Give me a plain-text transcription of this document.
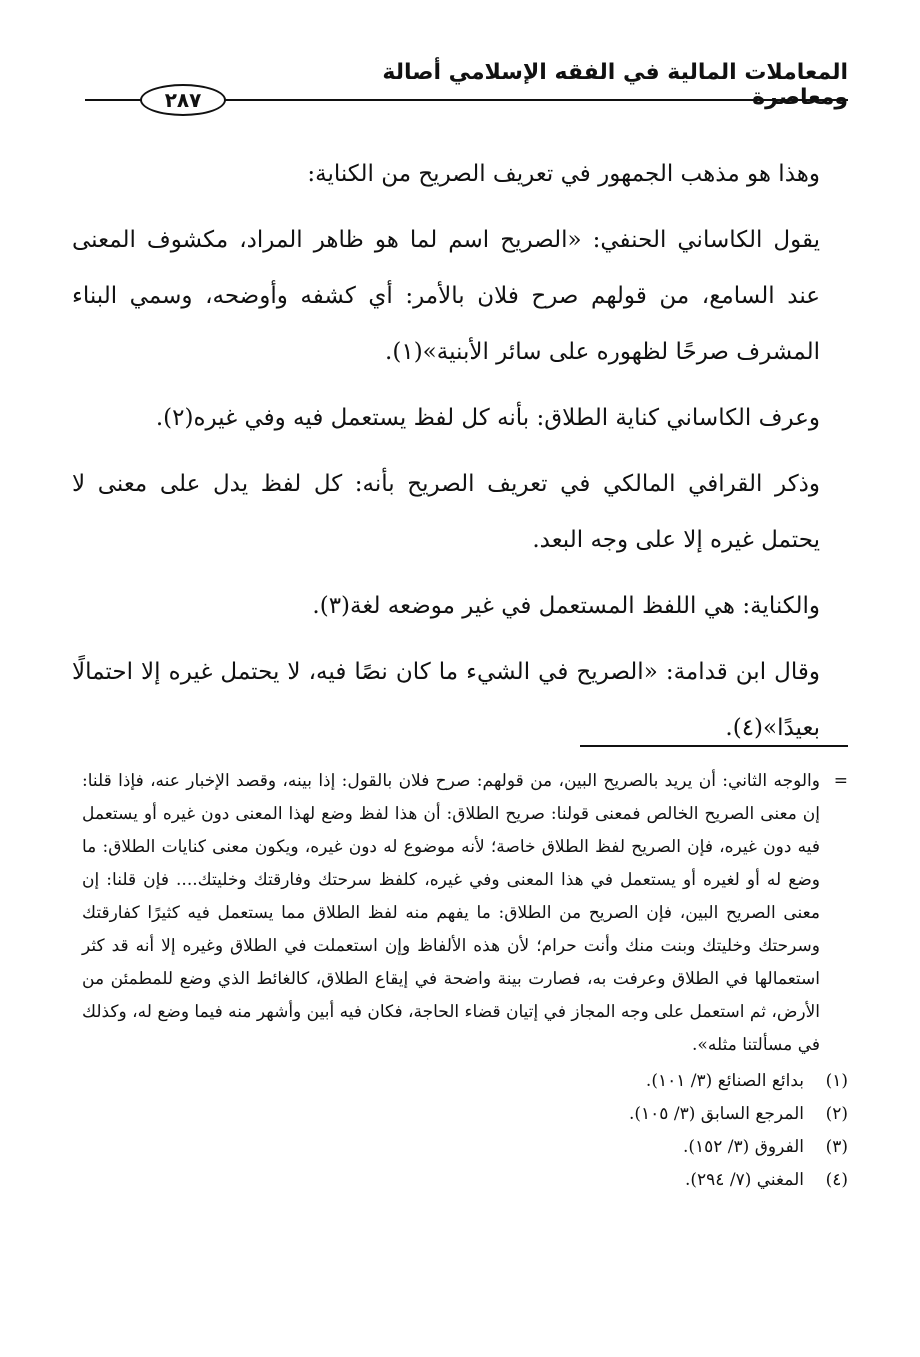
المعاملات المالية في الفقه الإسلامي أصالة ومعاصرة
٢٨٧

وهذا هو مذهب الجمهور في تعريف الصريح من الكناية:

يقول الكاساني الحنفي: «الصريح اسم لما هو ظاهر المراد، مكشوف المعنى عند السامع، من قولهم صرح فلان بالأمر: أي كشفه وأوضحه، وسمي البناء المشرف صرحًا لظهوره على سائر الأبنية»(١).

وعرف الكاساني كناية الطلاق: بأنه كل لفظ يستعمل فيه وفي غيره(٢).

وذكر القرافي المالكي في تعريف الصريح بأنه: كل لفظ يدل على معنى لا يحتمل غيره إلا على وجه البعد.

والكناية: هي اللفظ المستعمل في غير موضعه لغة(٣).

وقال ابن قدامة: «الصريح في الشيء ما كان نصًا فيه، لا يحتمل غيره إلا احتمالًا بعيدًا»(٤).

=
والوجه الثاني: أن يريد بالصريح البين، من قولهم: صرح فلان بالقول: إذا بينه، وقصد الإخبار عنه، فإذا قلنا: إن معنى الصريح الخالص فمعنى قولنا: صريح الطلاق: أن هذا لفظ وضع لهذا المعنى دون غيره أو يستعمل فيه دون غيره، فإن الصريح لفظ الطلاق خاصة؛ لأنه موضوع له دون غيره، ويكون معنى كنايات الطلاق: ما وضع له أو لغيره أو يستعمل في هذا المعنى وفي غيره، كلفظ سرحتك وفارقتك وخليتك.... فإن قلنا: إن معنى الصريح البين، فإن الصريح من الطلاق: ما يفهم منه لفظ الطلاق مما يستعمل فيه كثيرًا كفارقتك وسرحتك وخليتك وبنت منك وأنت حرام؛ لأن هذه الألفاظ وإن استعملت في الطلاق وغيره إلا أنه قد كثر استعمالها في الطلاق وعرفت به، فصارت بينة واضحة في إيقاع الطلاق، كالغائط الذي وضع للمطمئن من الأرض، ثم استعمل على وجه المجاز في إتيان قضاء الحاجة، فكان فيه أبين وأشهر منه فيما وضع له، وكذلك في مسألتنا مثله».
(١)
بدائع الصنائع (٣/ ١٠١).
(٢)
المرجع السابق (٣/ ١٠٥).
(٣)
الفروق (٣/ ١٥٢).
(٤)
المغني (٧/ ٢٩٤).
